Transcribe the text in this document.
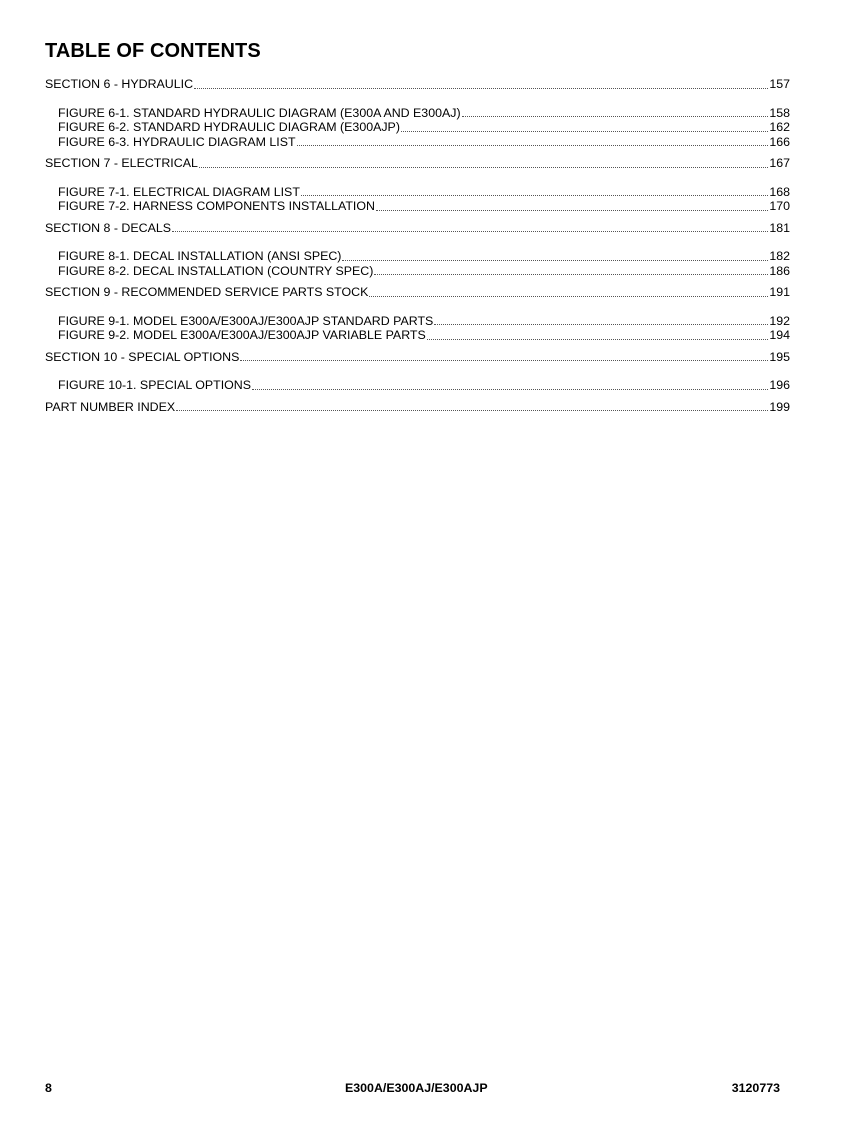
TABLE OF CONTENTS
SECTION 6 - HYDRAULIC	157
FIGURE 6-1. STANDARD HYDRAULIC DIAGRAM (E300A AND E300AJ)	158
FIGURE 6-2. STANDARD HYDRAULIC DIAGRAM (E300AJP)	162
FIGURE 6-3. HYDRAULIC DIAGRAM LIST	166
SECTION 7 - ELECTRICAL	167
FIGURE 7-1. ELECTRICAL DIAGRAM LIST	168
FIGURE 7-2. HARNESS COMPONENTS INSTALLATION	170
SECTION 8 - DECALS	181
FIGURE 8-1. DECAL INSTALLATION (ANSI SPEC)	182
FIGURE 8-2. DECAL INSTALLATION (COUNTRY SPEC)	186
SECTION 9 - RECOMMENDED SERVICE PARTS STOCK	191
FIGURE 9-1. MODEL E300A/E300AJ/E300AJP STANDARD PARTS	192
FIGURE 9-2. MODEL E300A/E300AJ/E300AJP VARIABLE PARTS	194
SECTION 10 - SPECIAL OPTIONS	195
FIGURE 10-1. SPECIAL OPTIONS	196
PART NUMBER INDEX	199
8	E300A/E300AJ/E300AJP	3120773
